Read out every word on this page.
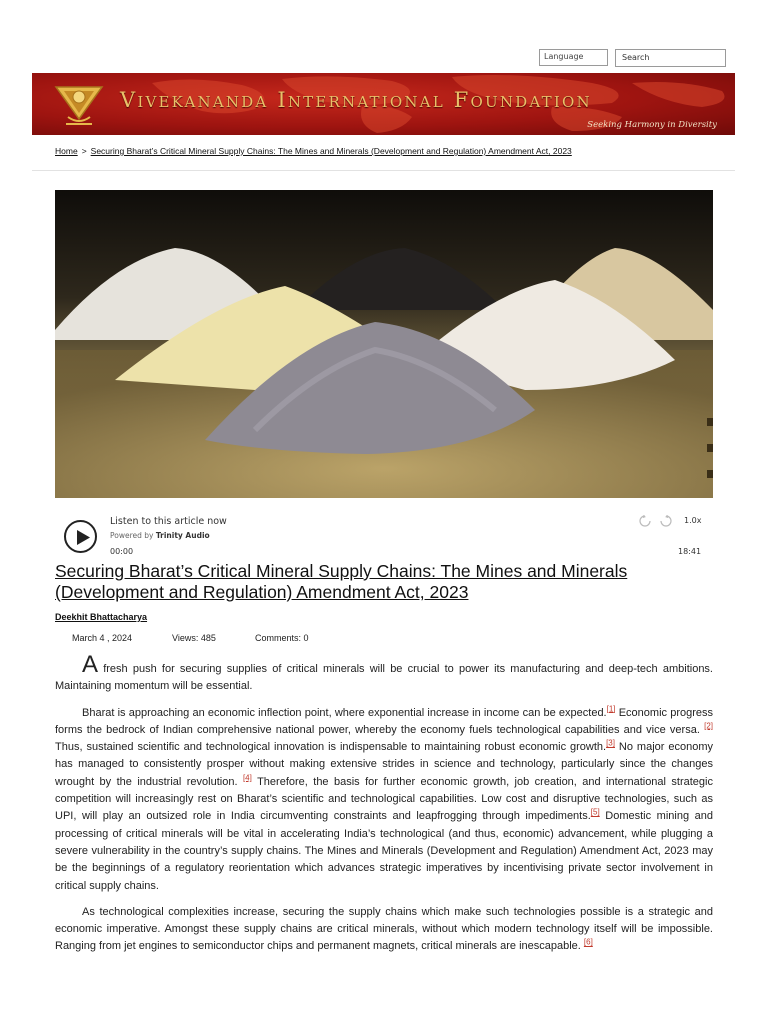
Language	Search
Vivekananda International Foundation
Seeking Harmony in Diversity
Home > Securing Bharat’s Critical Mineral Supply Chains: The Mines and Minerals (Development and Regulation) Amendment Act, 2023
Listen to this article now
Powered by Trinity Audio
00:00	18:41
1.0x
Securing Bharat’s Critical Mineral Supply Chains: The Mines and Minerals (Development and Regulation) Amendment Act, 2023
Deekhit Bhattacharya
March 4 , 2024	Views: 485	Comments: 0

A fresh push for securing supplies of critical minerals will be crucial to power its manufacturing and deep-tech ambitions. Maintaining momentum will be essential.

Bharat is approaching an economic inflection point, where exponential increase in income can be expected.[1] Economic progress forms the bedrock of Indian comprehensive national power, whereby the economy fuels technological capabilities and vice versa. [2] Thus, sustained scientific and technological innovation is indispensable to maintaining robust economic growth.[3] No major economy has managed to consistently prosper without making extensive strides in science and technology, particularly since the changes wrought by the industrial revolution. [4] Therefore, the basis for further economic growth, job creation, and international strategic competition will increasingly rest on Bharat’s scientific and technological capabilities. Low cost and disruptive technologies, such as UPI, will play an outsized role in India circumventing constraints and leapfrogging through impediments.[5] Domestic mining and processing of critical minerals will be vital in accelerating India’s technological (and thus, economic) advancement, while plugging a severe vulnerability in the country’s supply chains. The Mines and Minerals (Development and Regulation) Amendment Act, 2023 may be the beginnings of a regulatory reorientation which advances strategic imperatives by incentivising private sector involvement in critical supply chains.

As technological complexities increase, securing the supply chains which make such technologies possible is a strategic and economic imperative. Amongst these supply chains are critical minerals, without which modern technology itself will be impossible. Ranging from jet engines to semiconductor chips and permanent magnets, critical minerals are inescapable. [6]
